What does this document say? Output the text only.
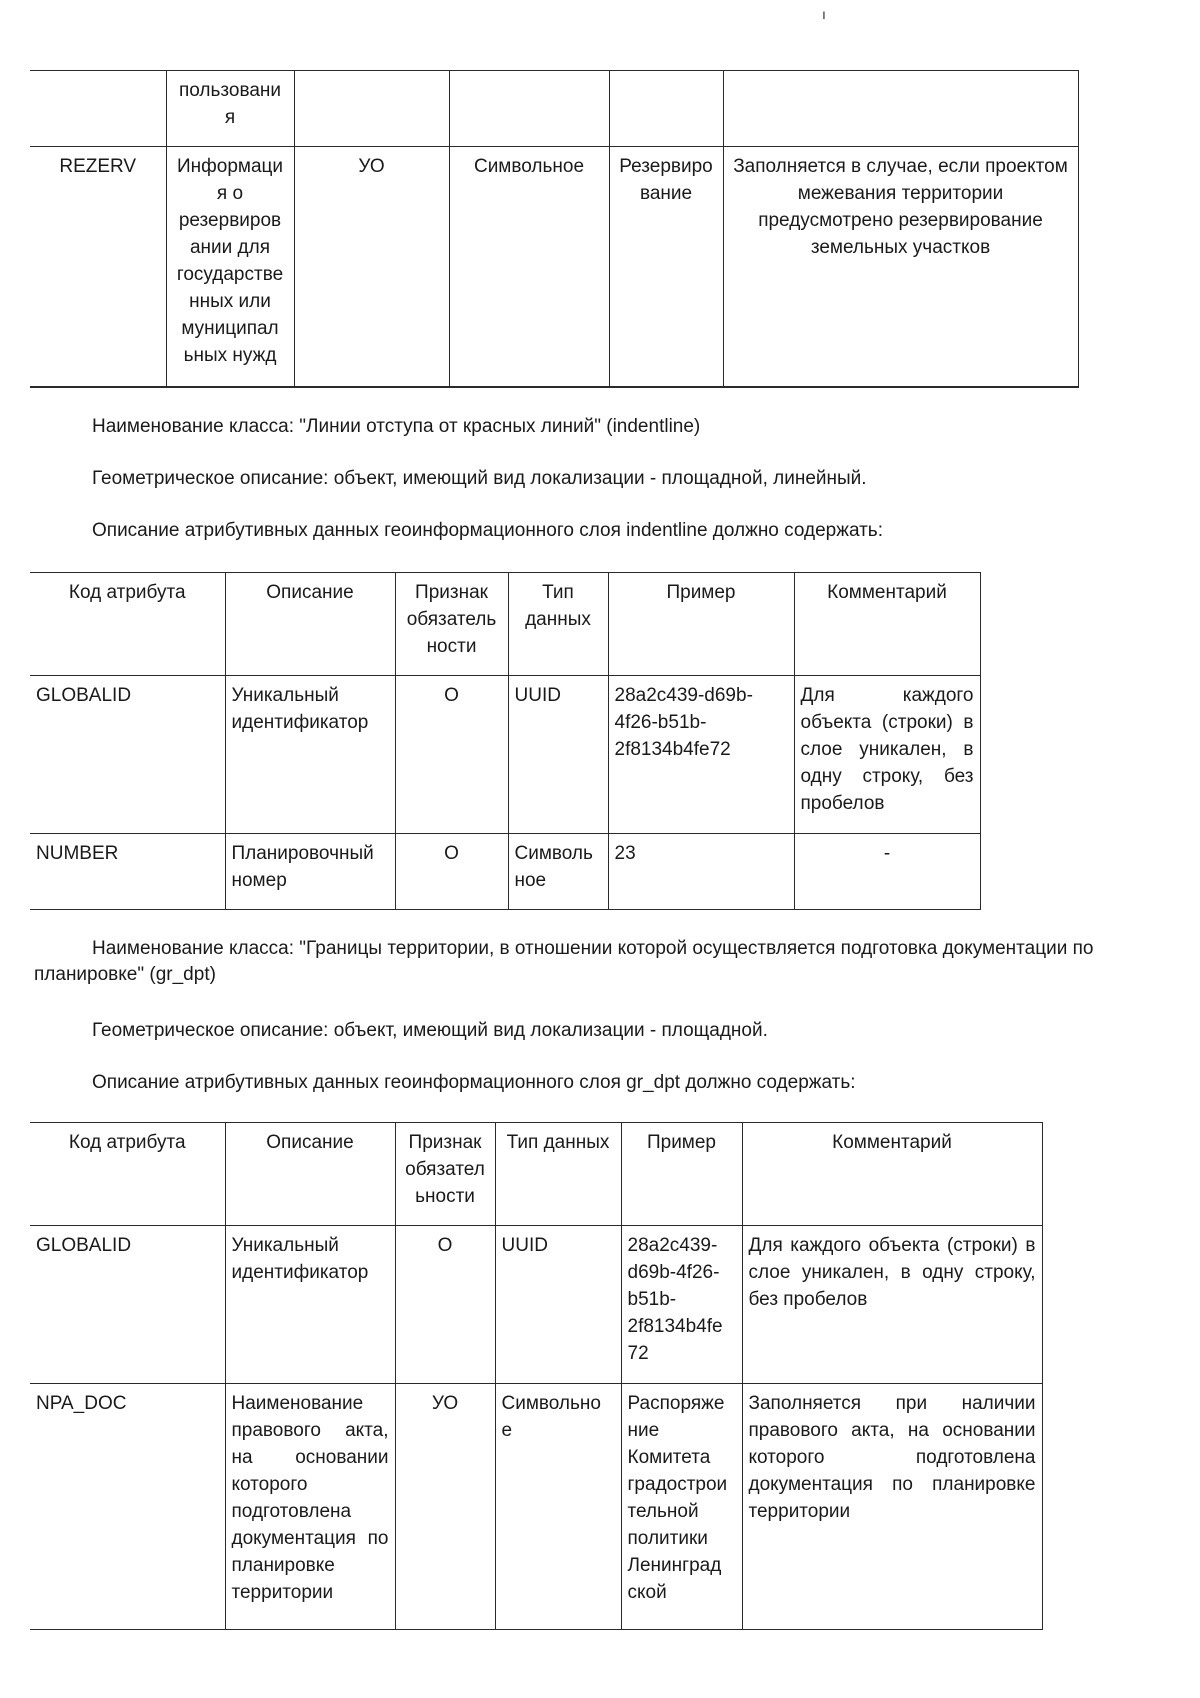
ı
	пользовани я				
REZERV	Информаци я о резервиров ании для государстве нных или муниципал ьных нужд	УО	Символьное	Резервиро вание	Заполняется в случае, если проектом межевания территории предусмотрено резервирование земельных участков

Наименование класса: "Линии отступа от красных линий" (indentline)

Геометрическое описание: объект, имеющий вид локализации - площадной, линейный.

Описание атрибутивных данных геоинформационного слоя indentline должно содержать:

Код атрибута	Описание	Признак обязатель ности	Тип данных	Пример	Комментарий
GLOBALID	Уникальный идентификатор	О	UUID	28a2c439-d69b-4f26-b51b-2f8134b4fe72	Для каждого объекта (строки) в слое уникален, в одну строку, без пробелов
NUMBER	Планировочный номер	О	Символь ное	23	-

Наименование класса: "Границы территории, в отношении которой осуществляется подготовка документации по планировке" (gr_dpt)

Геометрическое описание: объект, имеющий вид локализации - площадной.

Описание атрибутивных данных геоинформационного слоя gr_dpt должно содержать:

Код атрибута	Описание	Признак обязател ьности	Тип данных	Пример	Комментарий
GLOBALID	Уникальный идентификатор	О	UUID	28a2c439- d69b-4f26- b51b- 2f8134b4fe 72	Для каждого объекта (строки) в слое уникален, в одну строку, без пробелов
NPA_DOC	Наименование правового акта, на основании которого подготовлена документация по планировке территории	УО	Символьно е	Распоряже ние Комитета градострои тельной политики Ленинград ской	Заполняется при наличии правового акта, на основании которого подготовлена документация по планировке территории
